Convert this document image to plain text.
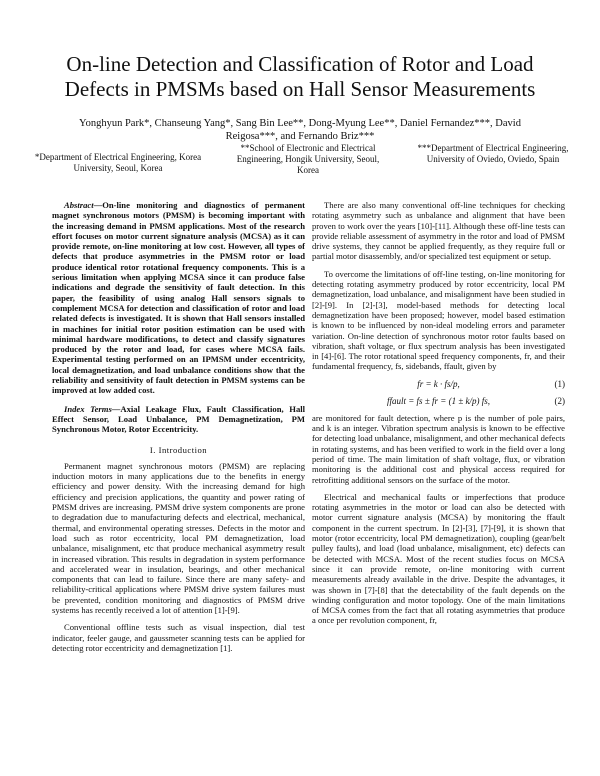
On-line Detection and Classification of Rotor and Load Defects in PMSMs based on Hall Sensor Measurements
Yonghyun Park*, Chanseung Yang*, Sang Bin Lee**, Dong-Myung Lee**, Daniel Fernandez***, David Reigosa***, and Fernando Briz***
*Department of Electrical Engineering, Korea University, Seoul, Korea
**School of Electronic and Electrical Engineering, Hongik University, Seoul, Korea
***Department of Electrical Engineering, University of Oviedo, Oviedo, Spain

Abstract—On-line monitoring and diagnostics of permanent magnet synchronous motors (PMSM) is becoming important with the increasing demand in PMSM applications. Most of the research effort focuses on motor current signature analysis (MCSA) as it can provide remote, on-line monitoring at low cost. However, all types of defects that produce asymmetries in the PMSM rotor or load produce identical rotor rotational frequency components. This is a serious limitation when applying MCSA since it can produce false indications and degrade the sensitivity of fault detection. In this paper, the feasibility of using analog Hall sensors signals to complement MCSA for detection and classification of rotor and load related defects is investigated. It is shown that Hall sensors installed in machines for initial rotor position estimation can be used with minimal hardware modifications, to detect and classify signatures produced by the rotor and load, for cases where MCSA fails. Experimental testing performed on an IPMSM under eccentricity, local demagnetization, and load unbalance conditions show that the reliability and sensitivity of fault detection in PMSM systems can be improved at low added cost.

Index Terms—Axial Leakage Flux, Fault Classification, Hall Effect Sensor, Load Unbalance, PM Demagnetization, PM Synchronous Motor, Rotor Eccentricity.

I. Introduction

Permanent magnet synchronous motors (PMSM) are replacing induction motors in many applications due to the benefits in energy efficiency and power density. With the increasing demand for high efficiency and precision applications, the quantity and power rating of PMSM drives are increasing. PMSM drive system components are prone to degradation due to manufacturing defects and electrical, mechanical, thermal, and environmental operating stresses. Defects in the motor and load such as rotor eccentricity, local PM demagnetization, load unbalance, misalignment, etc that produce mechanical asymmetry result in increased vibration. This results in degradation in system performance and accelerated wear in insulation, bearings, and other mechanical components that can lead to failure. Since there are many safety- and reliability-critical applications where PMSM drive system failures must be prevented, condition monitoring and diagnostics of PMSM drive systems has recently received a lot of attention [1]-[9].

Conventional offline tests such as visual inspection, dial test indicator, feeler gauge, and gaussmeter scanning tests can be applied for detecting rotor eccentricity and demagnetization [1].

There are also many conventional off-line techniques for checking rotating asymmetry such as unbalance and alignment that have been proven to work over the years [10]-[11]. Although these off-line tests can provide reliable assessment of asymmetry in the rotor and load of PMSM drive systems, they cannot be applied frequently, as they require full or partial motor disassembly, and/or specialized test equipment or setup.

To overcome the limitations of off-line testing, on-line monitoring for detecting rotating asymmetry produced by rotor eccentricity, local PM demagnetization, load unbalance, and misalignment have been studied in [2]-[9]. In [2]-[3], model-based methods for detecting local demagnetization have been proposed; however, model based estimation is known to be influenced by non-ideal modeling errors and parameter variation. On-line detection of synchronous motor rotor faults based on vibration, shaft voltage, or flux spectrum analysis has been investigated in [4]-[6]. The rotor rotational speed frequency components, fr, and their fundamental frequency, fs, sidebands, ffault, given by

fr = k · fs/p,	(1)
ffault = fs ± fr = (1 ± k/p) fs,	(2)

are monitored for fault detection, where p is the number of pole pairs, and k is an integer. Vibration spectrum analysis is known to be effective for detecting load unbalance, misalignment, and other mechanical defects in rotating systems, and has been verified to work in the field over a long period of time. The main limitation of shaft voltage, flux, or vibration monitoring is the additional cost and physical access required for retrofitting additional sensors on the surface of the motor.

Electrical and mechanical faults or imperfections that produce rotating asymmetries in the motor or load can also be detected with motor current signature analysis (MCSA) by monitoring the ffault component in the current spectrum. In [2]-[3], [7]-[9], it is shown that motor (rotor eccentricity, local PM demagnetization), coupling (gear/belt pulley faults), and load (load unbalance, misalignment, etc) defects can be detected with MCSA. Most of the recent studies focus on MCSA since it can provide remote, on-line monitoring with current measurements already available in the drive. Despite the advantages, it was shown in [7]-[8] that the detectability of the fault depends on the winding configuration and motor topology. One of the main limitations of MCSA comes from the fact that all rotating asymmetries that produce a once per revolution component, fr,
